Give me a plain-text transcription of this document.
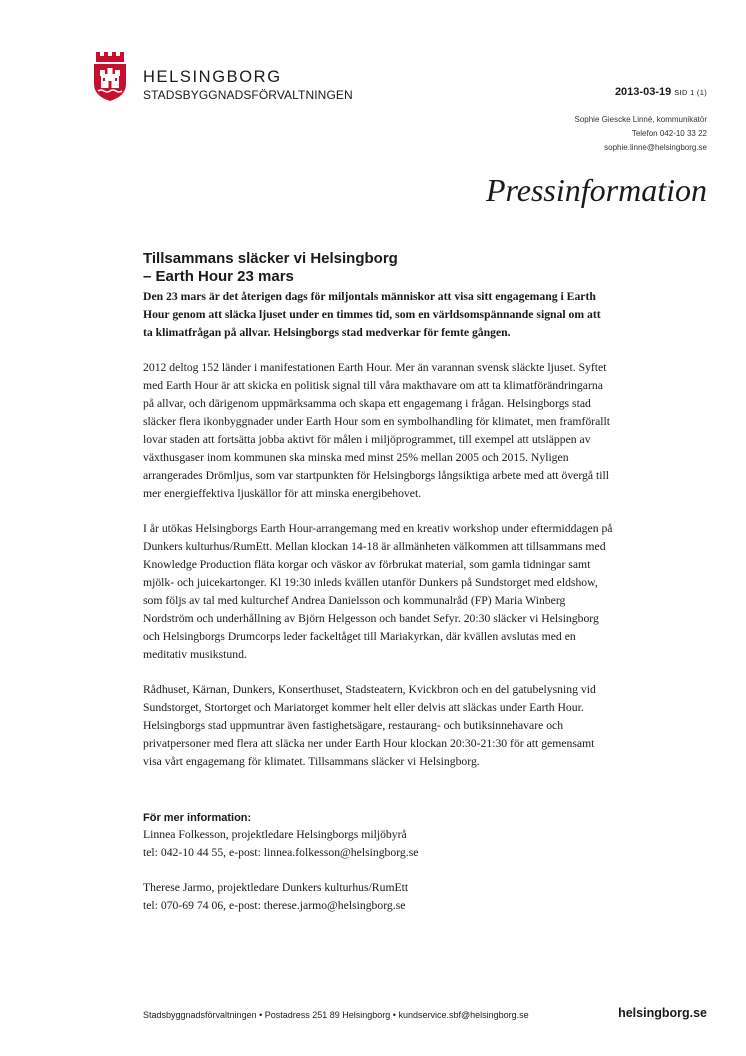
HELSINGBORG
STADSBYGGNADSFÖRVALTNINGEN	2013-03-19 SID 1 (1)
Sophie Giescke Linné, kommunikatör
Telefon 042-10 33 22
sophie.linne@helsingborg.se
Pressinformation
Tillsammans släcker vi Helsingborg
– Earth Hour 23 mars

Den 23 mars är det återigen dags för miljontals människor att visa sitt engagemang i Earth Hour genom att släcka ljuset under en timmes tid, som en världsomspännande signal om att ta klimatfrågan på allvar. Helsingborgs stad medverkar för femte gången.

2012 deltog 152 länder i manifestationen Earth Hour. Mer än varannan svensk släckte ljuset. Syftet med Earth Hour är att skicka en politisk signal till våra makthavare om att ta klimatförändringarna på allvar, och därigenom uppmärksamma och skapa ett engagemang i frågan. Helsingborgs stad släcker flera ikonbyggnader under Earth Hour som en symbolhandling för klimatet, men framförallt lovar staden att fortsätta jobba aktivt för målen i miljöprogrammet, till exempel att utsläppen av växthusgaser inom kommunen ska minska med minst 25% mellan 2005 och 2015. Nyligen arrangerades Drömljus, som var startpunkten för Helsingborgs långsiktiga arbete med att övergå till mer energieffektiva ljuskällor för att minska energibehovet.

I år utökas Helsingborgs Earth Hour-arrangemang med en kreativ workshop under eftermiddagen på Dunkers kulturhus/RumEtt. Mellan klockan 14-18 är allmänheten välkommen att tillsammans med Knowledge Production fläta korgar och väskor av förbrukat material, som gamla tidningar samt mjölk- och juicekartonger. Kl 19:30 inleds kvällen utanför Dunkers på Sundstorget med eldshow, som följs av tal med kulturchef Andrea Danielsson och kommunalråd (FP) Maria Winberg Nordström och underhållning av Björn Helgesson och bandet Sefyr. 20:30 släcker vi Helsingborg och Helsingborgs Drumcorps leder fackeltåget till Mariakyrkan, där kvällen avslutas med en meditativ musikstund.

Rådhuset, Kärnan, Dunkers, Konserthuset, Stadsteatern, Kvickbron och en del gatubelysning vid Sundstorget, Stortorget och Mariatorget kommer helt eller delvis att släckas under Earth Hour. Helsingborgs stad uppmuntrar även fastighetsägare, restaurang- och butiksinnehavare och privatpersoner med flera att släcka ner under Earth Hour klockan 20:30-21:30 för att gemensamt visa vårt engagemang för klimatet. Tillsammans släcker vi Helsingborg.

För mer information:

Linnea Folkesson, projektledare Helsingborgs miljöbyrå

tel: 042-10 44 55, e-post: linnea.folkesson@helsingborg.se

Therese Jarmo, projektledare Dunkers kulturhus/RumEtt

tel: 070-69 74 06, e-post: therese.jarmo@helsingborg.se

Stadsbyggnadsförvaltningen • Postadress 251 89 Helsingborg • kundservice.sbf@helsingborg.se	helsingborg.se
